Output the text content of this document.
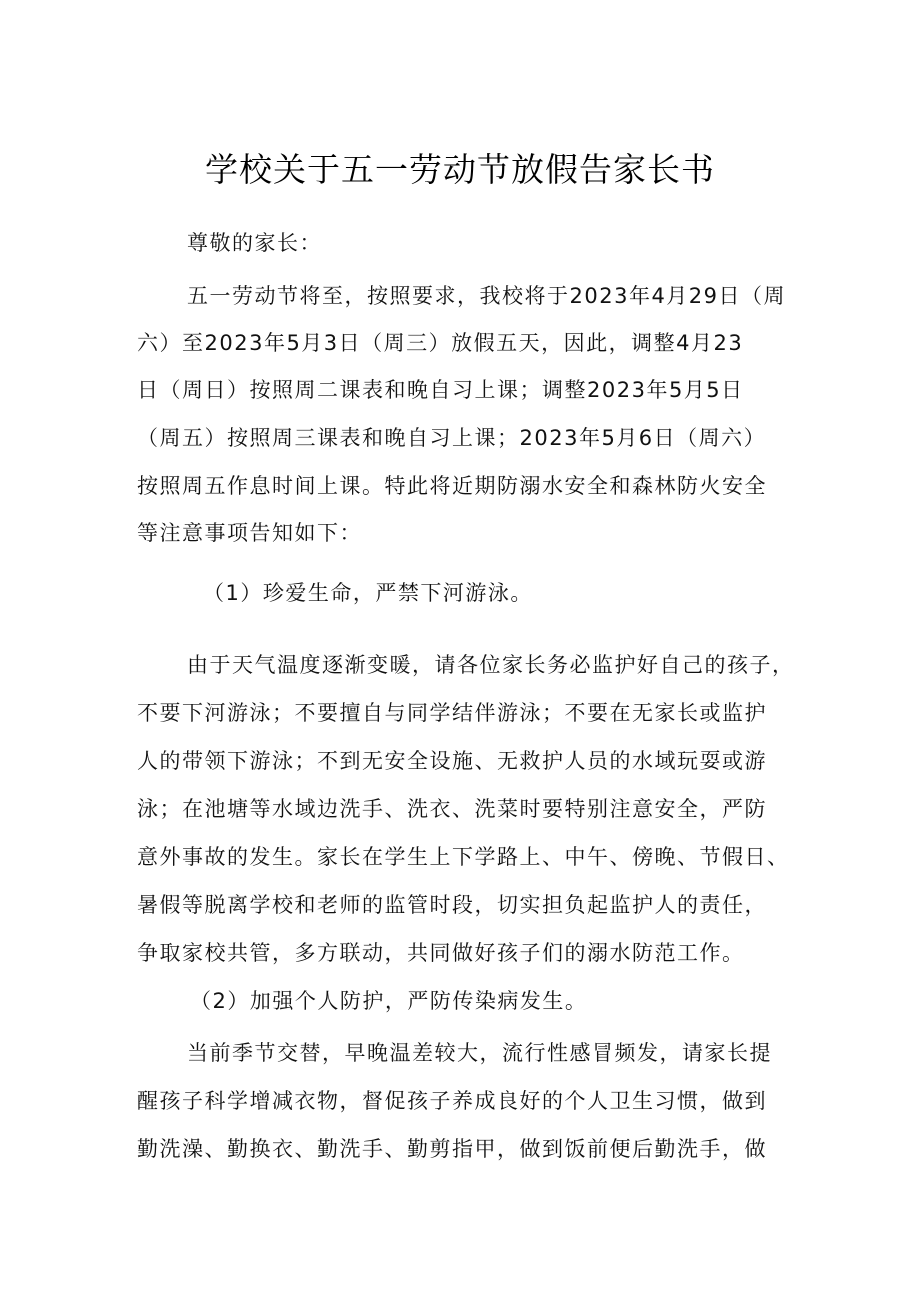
学校关于五一劳动节放假告家长书
尊敬的家长：
五一劳动节将至，按照要求，我校将于2023年4月29日（周
六）至2023年5月3日（周三）放假五天，因此，调整4月23
日（周日）按照周二课表和晚自习上课；调整2023年5月5日
（周五）按照周三课表和晚自习上课；2023年5月6日（周六）
按照周五作息时间上课。特此将近期防溺水安全和森林防火安全
等注意事项告知如下：
（1）珍爱生命，严禁下河游泳。
由于天气温度逐渐变暖，请各位家长务必监护好自己的孩子，
不要下河游泳；不要擅自与同学结伴游泳；不要在无家长或监护
人的带领下游泳；不到无安全设施、无救护人员的水域玩耍或游
泳；在池塘等水域边洗手、洗衣、洗菜时要特别注意安全，严防
意外事故的发生。家长在学生上下学路上、中午、傍晚、节假日、
暑假等脱离学校和老师的监管时段，切实担负起监护人的责任，
争取家校共管，多方联动，共同做好孩子们的溺水防范工作。
（2）加强个人防护，严防传染病发生。
当前季节交替，早晚温差较大，流行性感冒频发，请家长提
醒孩子科学增减衣物，督促孩子养成良好的个人卫生习惯，做到
勤洗澡、勤换衣、勤洗手、勤剪指甲，做到饭前便后勤洗手，做
